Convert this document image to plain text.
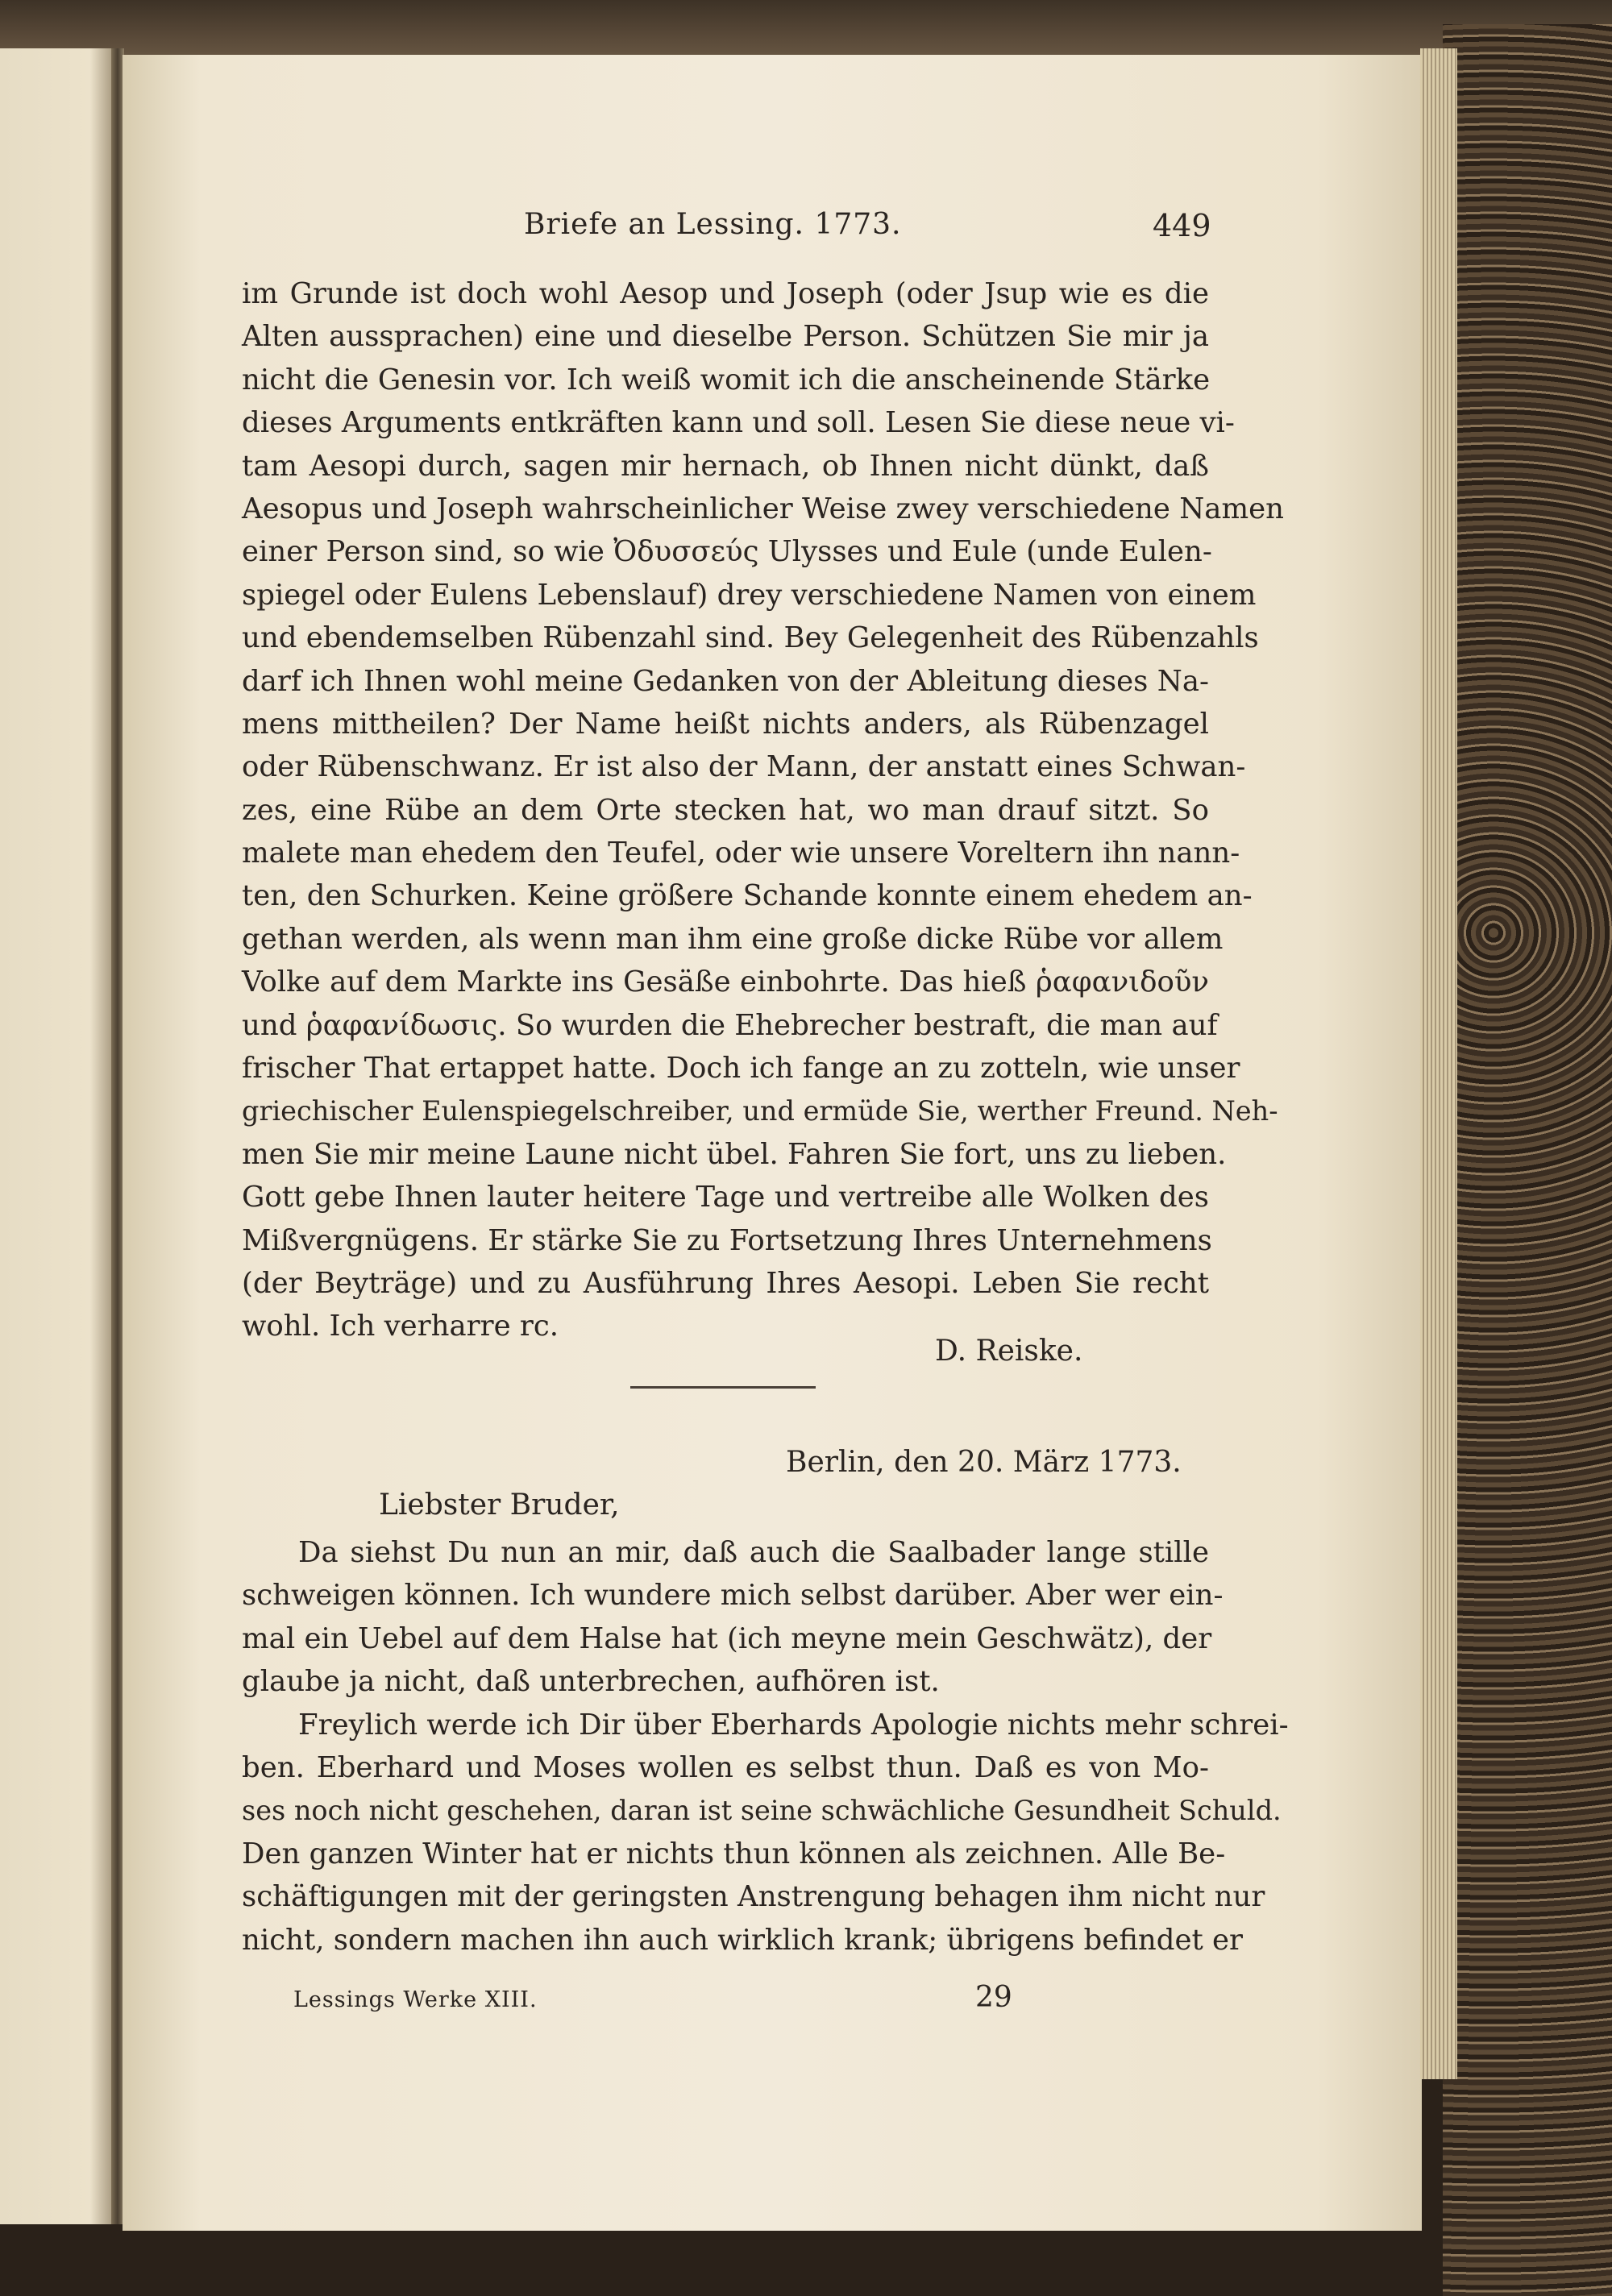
Briefe an Lessing. 1773.	449
im Grunde ist doch wohl Aesop und Joseph (oder Jsup wie es die
Alten aussprachen) eine und dieselbe Person. Schützen Sie mir ja
nicht die Genesin vor. Ich weiß womit ich die anscheinende Stärke
dieses Arguments entkräften kann und soll. Lesen Sie diese neue vi-
tam Aesopi durch, sagen mir hernach, ob Ihnen nicht dünkt, daß
Aesopus und Joseph wahrscheinlicher Weise zwey verschiedene Namen
einer Person sind, so wie Ὀδυσσεύς Ulysses und Eule (unde Eulen-
spiegel oder Eulens Lebenslauf) drey verschiedene Namen von einem
und ebendemselben Rübenzahl sind. Bey Gelegenheit des Rübenzahls
darf ich Ihnen wohl meine Gedanken von der Ableitung dieses Na-
mens mittheilen? Der Name heißt nichts anders, als Rübenzagel
oder Rübenschwanz. Er ist also der Mann, der anstatt eines Schwan-
zes, eine Rübe an dem Orte stecken hat, wo man drauf sitzt. So
malete man ehedem den Teufel, oder wie unsere Voreltern ihn nann-
ten, den Schurken. Keine größere Schande konnte einem ehedem an-
gethan werden, als wenn man ihm eine große dicke Rübe vor allem
Volke auf dem Markte ins Gesäße einbohrte. Das hieß ῥαφανιδοῦν
und ῥαφανίδωσις. So wurden die Ehebrecher bestraft, die man auf
frischer That ertappet hatte. Doch ich fange an zu zotteln, wie unser
griechischer Eulenspiegelschreiber, und ermüde Sie, werther Freund. Neh-
men Sie mir meine Laune nicht übel. Fahren Sie fort, uns zu lieben.
Gott gebe Ihnen lauter heitere Tage und vertreibe alle Wolken des
Mißvergnügens. Er stärke Sie zu Fortsetzung Ihres Unternehmens
(der Beyträge) und zu Ausführung Ihres Aesopi. Leben Sie recht
wohl. Ich verharre rc.
D. Reiske.
Berlin, den 20. März 1773.
Liebster Bruder,
Da siehst Du nun an mir, daß auch die Saalbader lange stille
schweigen können. Ich wundere mich selbst darüber. Aber wer ein-
mal ein Uebel auf dem Halse hat (ich meyne mein Geschwätz), der
glaube ja nicht, daß unterbrechen, aufhören ist.
Freylich werde ich Dir über Eberhards Apologie nichts mehr schrei-
ben. Eberhard und Moses wollen es selbst thun. Daß es von Mo-
ses noch nicht geschehen, daran ist seine schwächliche Gesundheit Schuld.
Den ganzen Winter hat er nichts thun können als zeichnen. Alle Be-
schäftigungen mit der geringsten Anstrengung behagen ihm nicht nur
nicht, sondern machen ihn auch wirklich krank; übrigens befindet er
Lessings Werke XIII.	29
